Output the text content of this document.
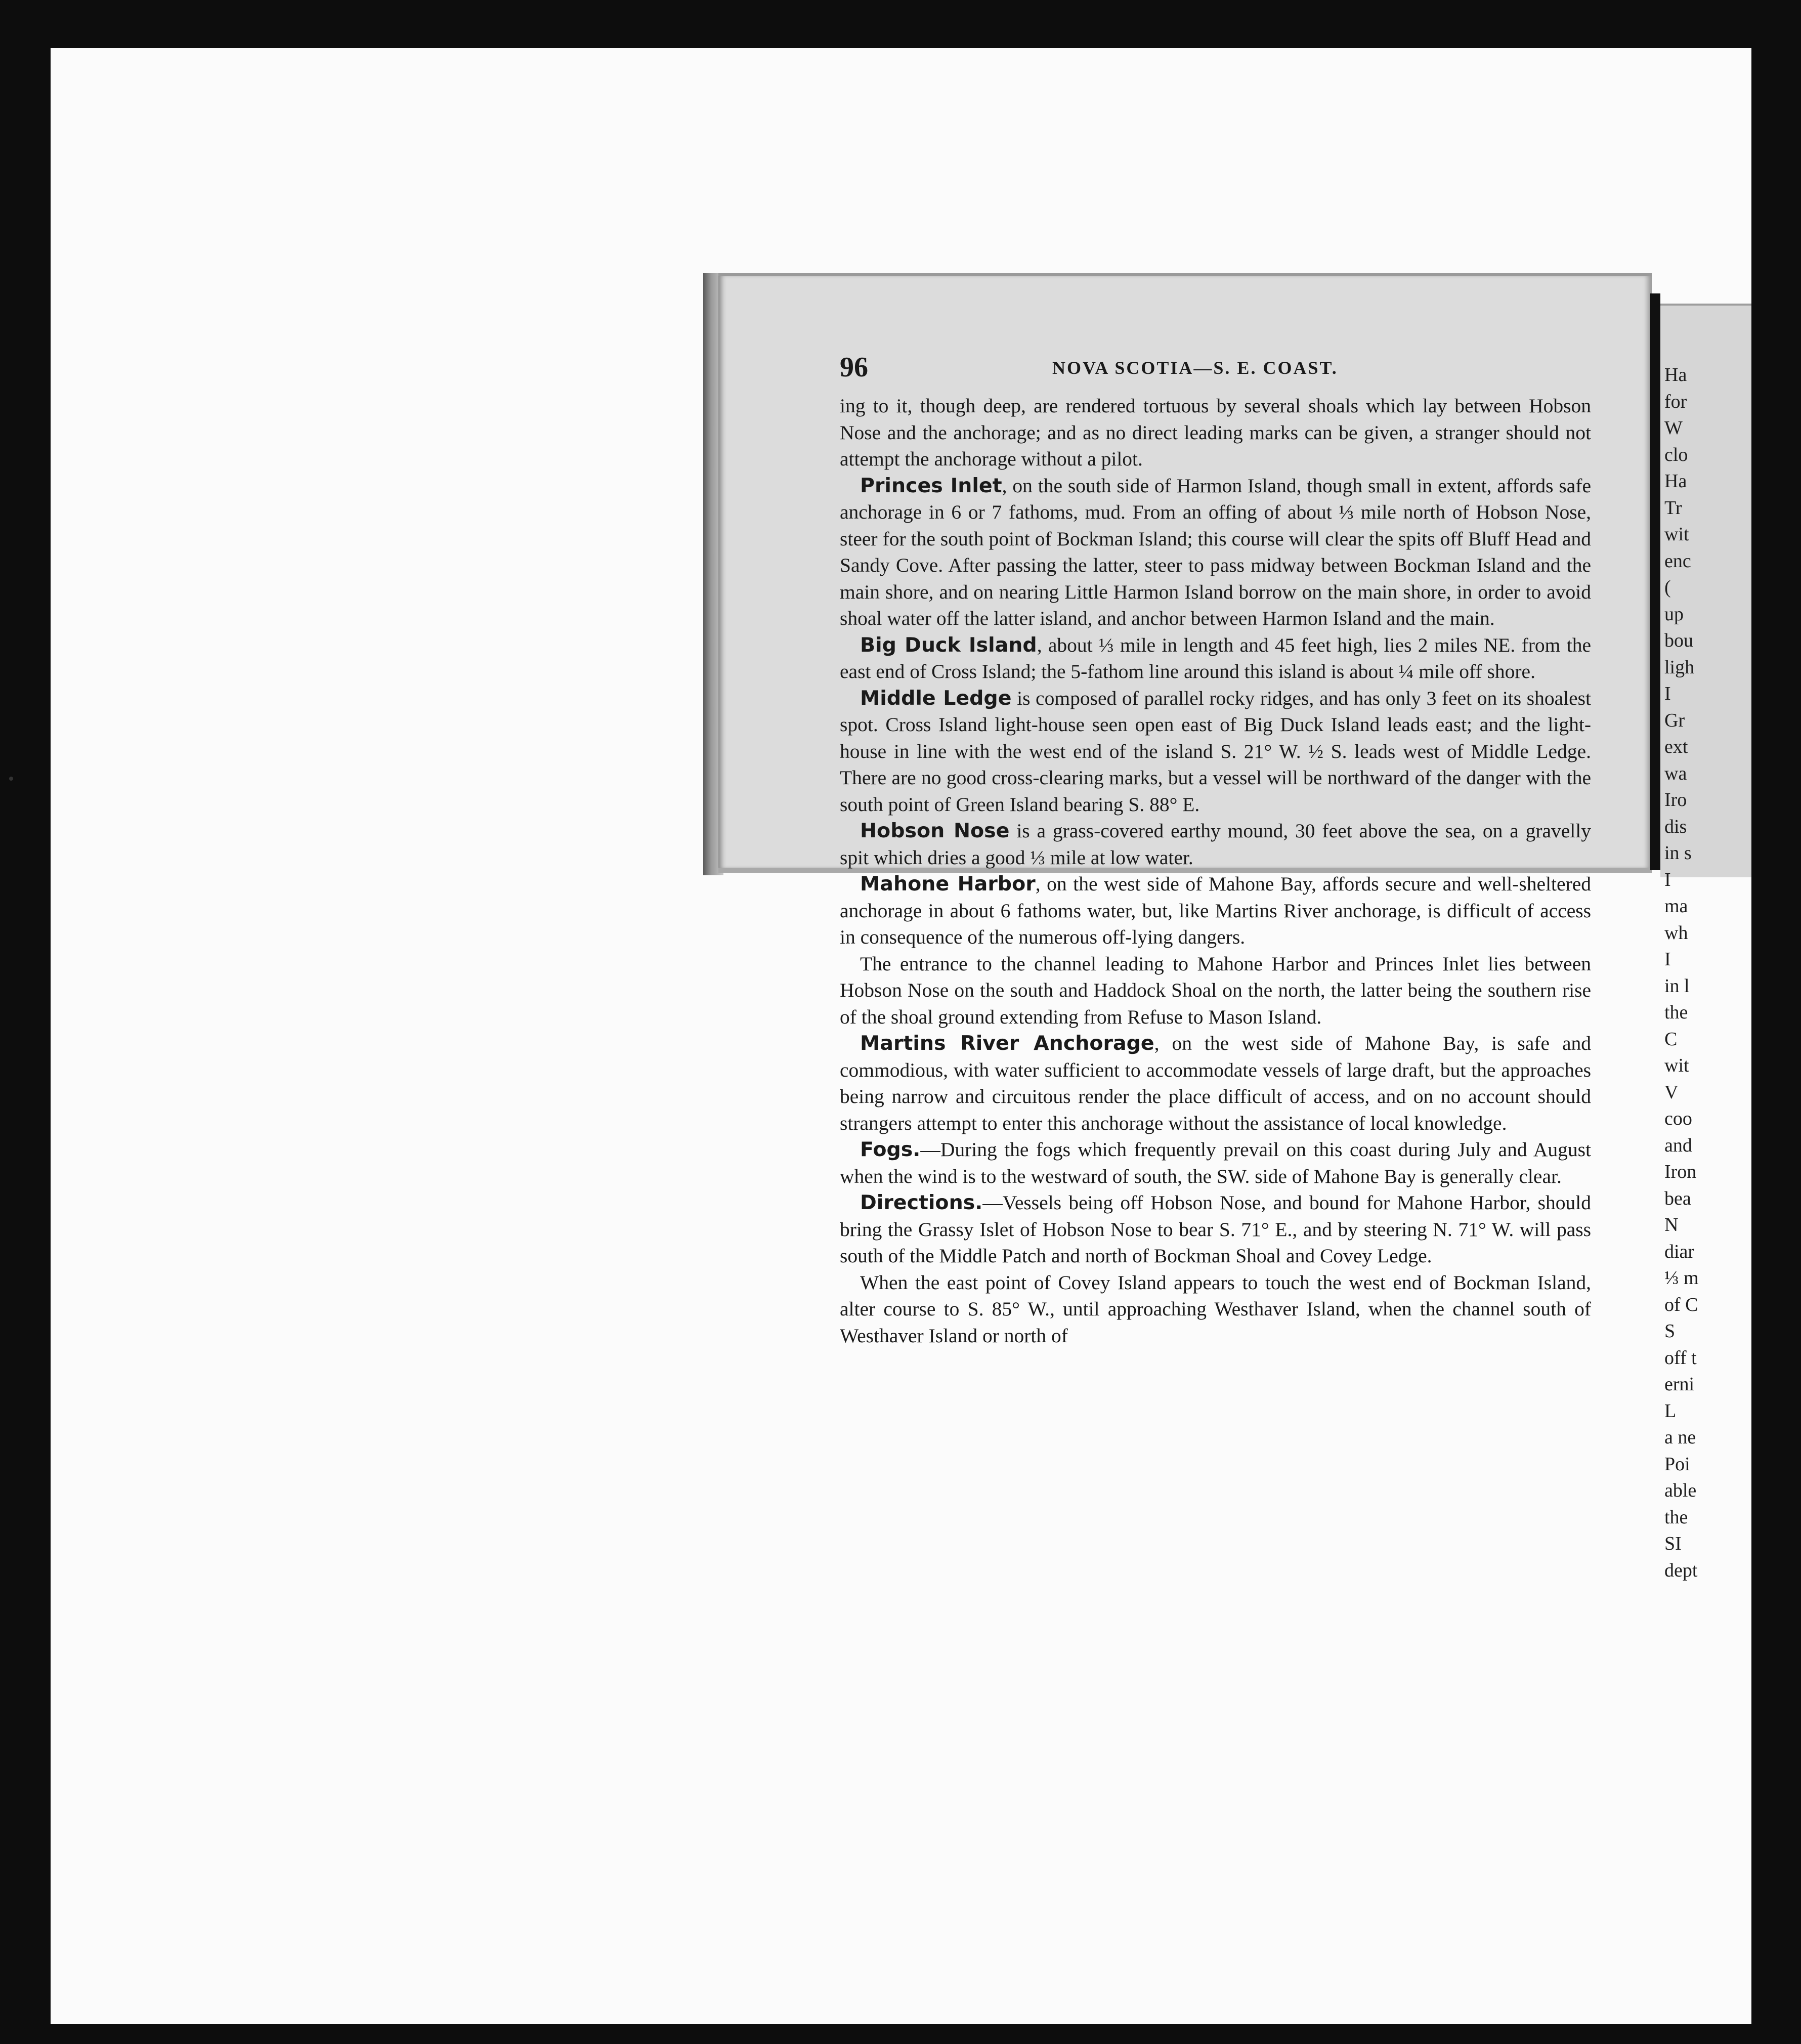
96	NOVA SCOTIA—S. E. COAST.

ing to it, though deep, are rendered tortuous by several shoals which lay between Hobson Nose and the anchorage; and as no direct leading marks can be given, a stranger should not attempt the anchorage without a pilot.

Princes Inlet, on the south side of Harmon Island, though small in extent, affords safe anchorage in 6 or 7 fathoms, mud. From an offing of about ⅓ mile north of Hobson Nose, steer for the south point of Bockman Island; this course will clear the spits off Bluff Head and Sandy Cove. After passing the latter, steer to pass midway between Bockman Island and the main shore, and on nearing Little Harmon Island borrow on the main shore, in order to avoid shoal water off the latter island, and anchor between Harmon Island and the main.

Big Duck Island, about ⅓ mile in length and 45 feet high, lies 2 miles NE. from the east end of Cross Island; the 5-fathom line around this island is about ¼ mile off shore.

Middle Ledge is composed of parallel rocky ridges, and has only 3 feet on its shoalest spot. Cross Island light-house seen open east of Big Duck Island leads east; and the light-house in line with the west end of the island S. 21° W. ½ S. leads west of Middle Ledge. There are no good cross-clearing marks, but a vessel will be northward of the danger with the south point of Green Island bearing S. 88° E.

Hobson Nose is a grass-covered earthy mound, 30 feet above the sea, on a gravelly spit which dries a good ⅓ mile at low water.

Mahone Harbor, on the west side of Mahone Bay, affords secure and well-sheltered anchorage in about 6 fathoms water, but, like Martins River anchorage, is difficult of access in consequence of the numerous off-lying dangers.

The entrance to the channel leading to Mahone Harbor and Princes Inlet lies between Hobson Nose on the south and Haddock Shoal on the north, the latter being the southern rise of the shoal ground extending from Refuse to Mason Island.

Martins River Anchorage, on the west side of Mahone Bay, is safe and commodious, with water sufficient to accommodate vessels of large draft, but the approaches being narrow and circuitous render the place difficult of access, and on no account should strangers attempt to enter this anchorage without the assistance of local knowledge.

Fogs.—During the fogs which frequently prevail on this coast during July and August when the wind is to the westward of south, the SW. side of Mahone Bay is generally clear.

Directions.—Vessels being off Hobson Nose, and bound for Mahone Harbor, should bring the Grassy Islet of Hobson Nose to bear S. 71° E., and by steering N. 71° W. will pass south of the Middle Patch and north of Bockman Shoal and Covey Ledge.

When the east point of Covey Island appears to touch the west end of Bockman Island, alter course to S. 85° W., until approaching Westhaver Island, when the channel south of Westhaver Island or north of

Ha
for
W
clo
Ha
Tr
wit
enc
(
up
bou
ligh
I
Gr
ext
wa
Iro
dis
in s
I
ma
wh
I
in l
the
C
wit
V
coo
and
Iron
bea
N
diar
⅓ m
of C
S
off t
erni
L
a ne
Poi
able
the
SI
dept
